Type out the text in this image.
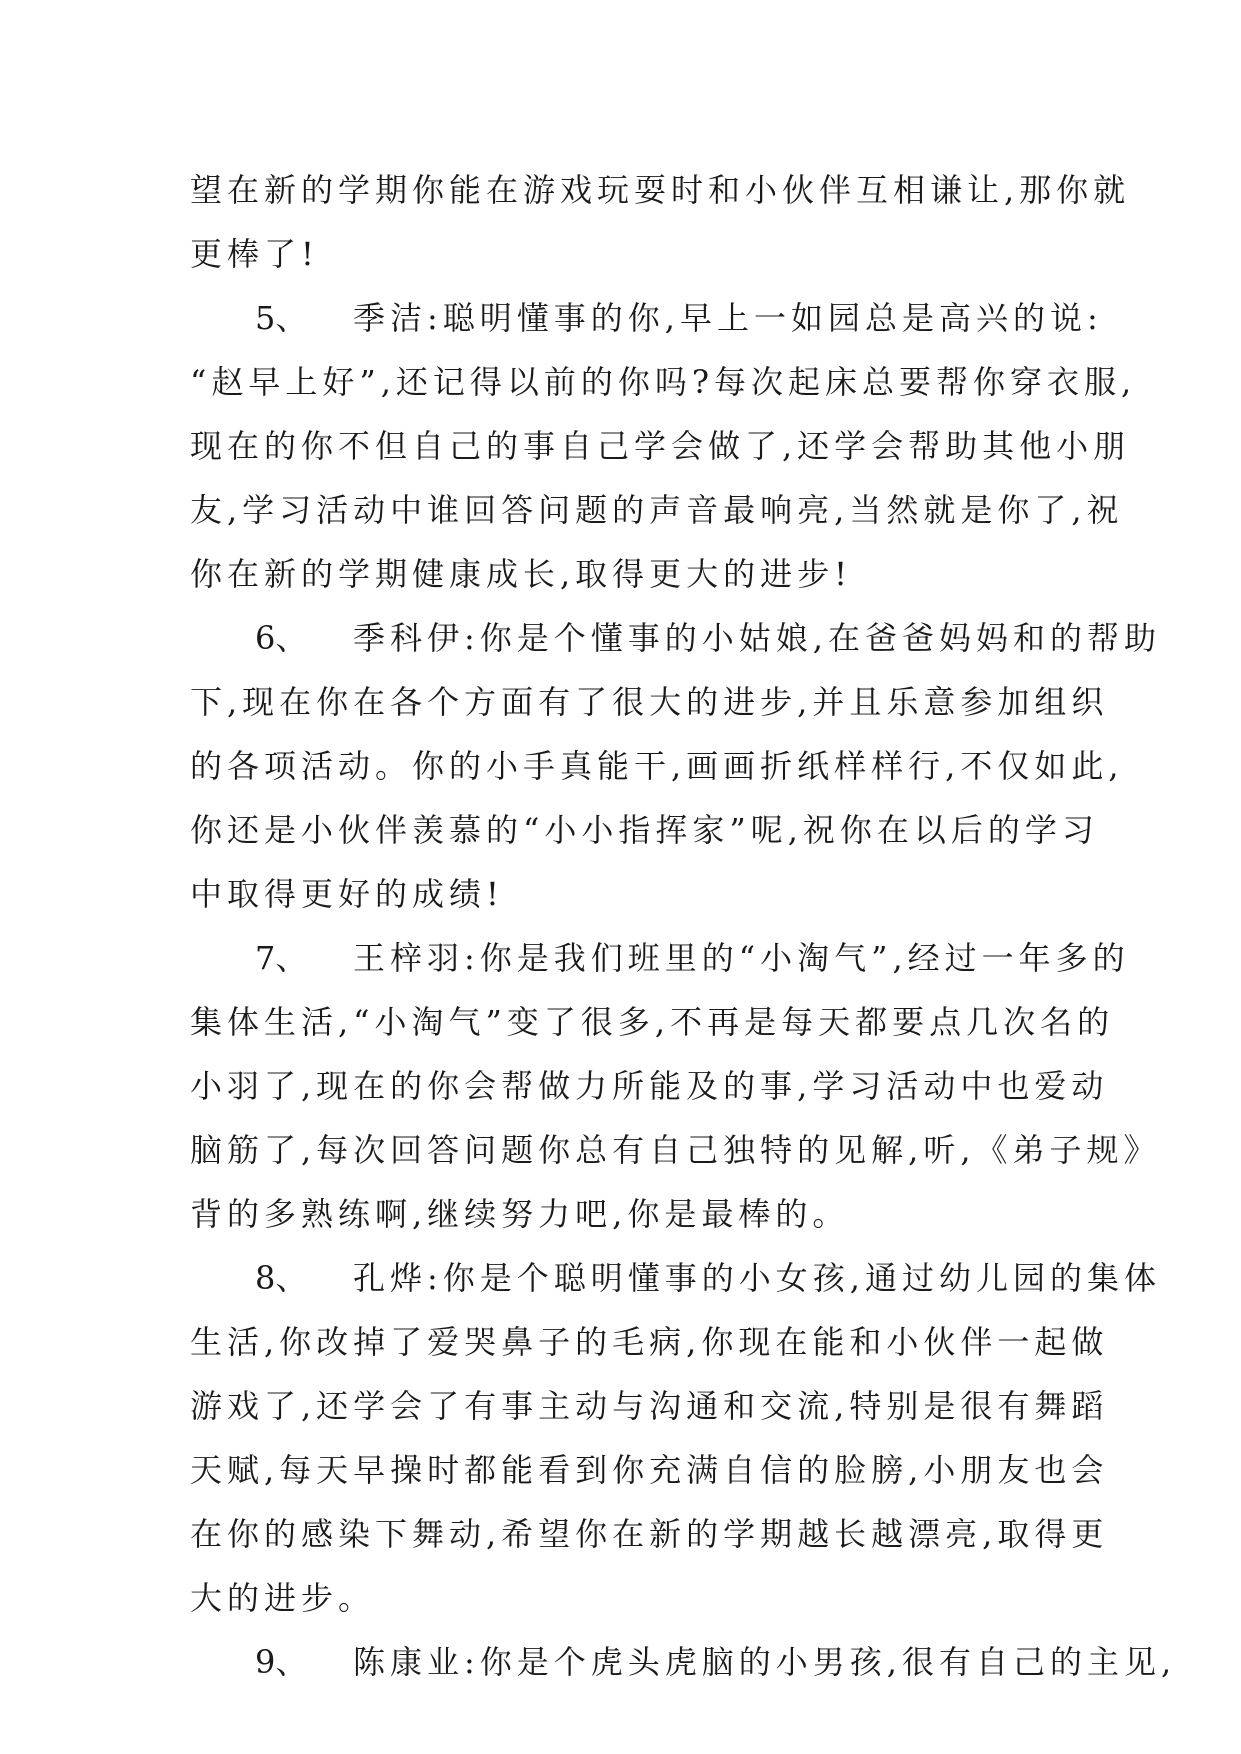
望在新的学期你能在游戏玩耍时和小伙伴互相谦让,那你就
更棒了!
5、 季洁:聪明懂事的你,早上一如园总是高兴的说:
“赵早上好”,还记得以前的你吗?每次起床总要帮你穿衣服,
现在的你不但自己的事自己学会做了,还学会帮助其他小朋
友,学习活动中谁回答问题的声音最响亮,当然就是你了,祝
你在新的学期健康成长,取得更大的进步!
6、 季科伊:你是个懂事的小姑娘,在爸爸妈妈和的帮助
下,现在你在各个方面有了很大的进步,并且乐意参加组织
的各项活动。你的小手真能干,画画折纸样样行,不仅如此,
你还是小伙伴羡慕的“小小指挥家”呢,祝你在以后的学习
中取得更好的成绩!
7、 王梓羽:你是我们班里的“小淘气”,经过一年多的
集体生活,“小淘气”变了很多,不再是每天都要点几次名的
小羽了,现在的你会帮做力所能及的事,学习活动中也爱动
脑筋了,每次回答问题你总有自己独特的见解,听,《弟子规》
背的多熟练啊,继续努力吧,你是最棒的。
8、 孔烨:你是个聪明懂事的小女孩,通过幼儿园的集体
生活,你改掉了爱哭鼻子的毛病,你现在能和小伙伴一起做
游戏了,还学会了有事主动与沟通和交流,特别是很有舞蹈
天赋,每天早操时都能看到你充满自信的脸膀,小朋友也会
在你的感染下舞动,希望你在新的学期越长越漂亮,取得更
大的进步。
9、 陈康业:你是个虎头虎脑的小男孩,很有自己的主见,
